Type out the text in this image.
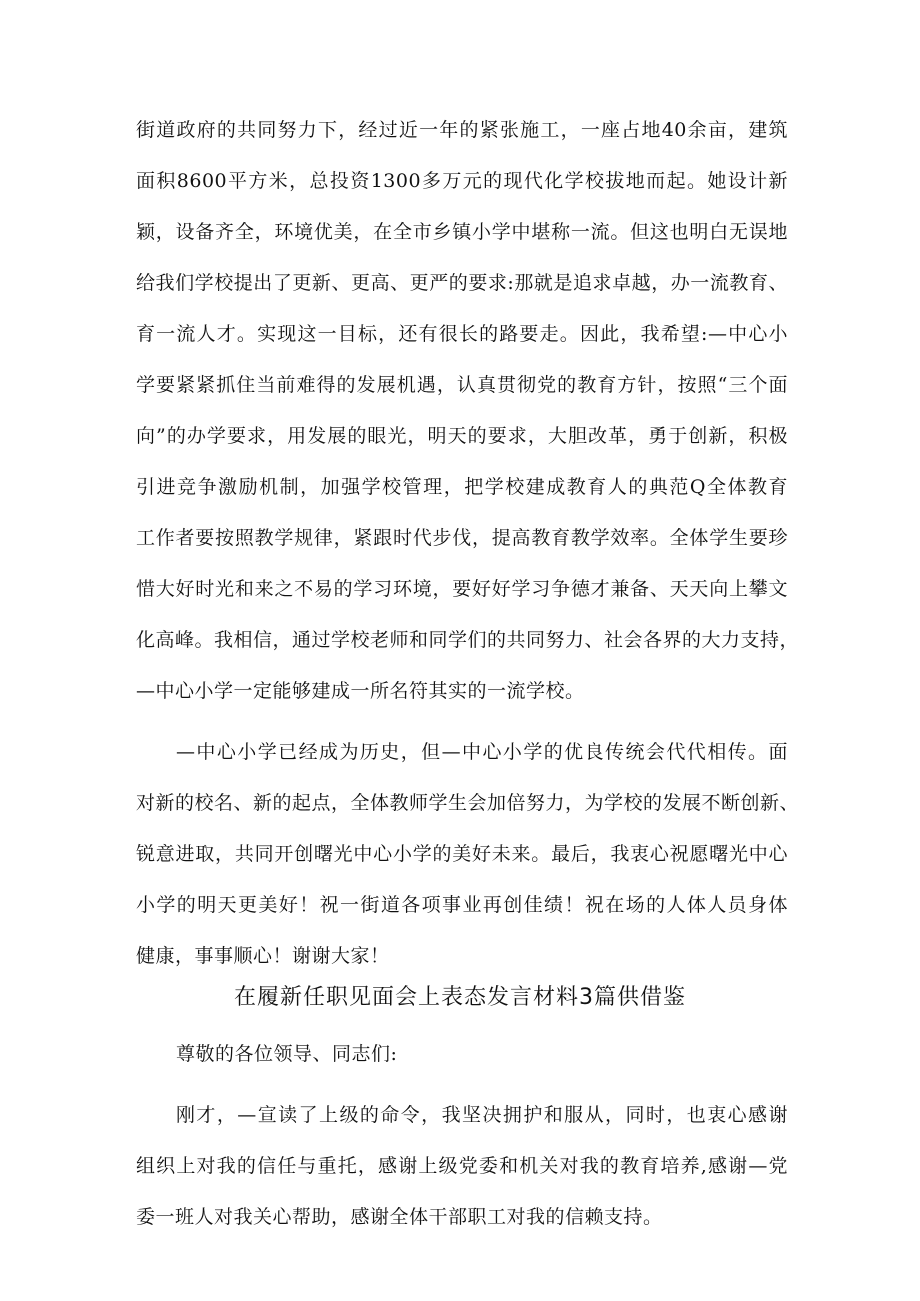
街道政府的共同努力下，经过近一年的紧张施工，一座占地40余亩，建筑

面积8600平方米，总投资1300多万元的现代化学校拔地而起。她设计新

颖，设备齐全，环境优美，在全市乡镇小学中堪称一流。但这也明白无误地

给我们学校提出了更新、更高、更严的要求:那就是追求卓越，办一流教育、

育一流人才。实现这一目标，还有很长的路要走。因此，我希望:—中心小

学要紧紧抓住当前难得的发展机遇，认真贯彻党的教育方针，按照“三个面

向”的办学要求，用发展的眼光，明天的要求，大胆改革，勇于创新，积极

引进竞争激励机制，加强学校管理，把学校建成教育人的典范Q全体教育

工作者要按照教学规律，紧跟时代步伐，提高教育教学效率。全体学生要珍

惜大好时光和来之不易的学习环境，要好好学习争德才兼备、天天向上攀文

化高峰。我相信，通过学校老师和同学们的共同努力、社会各界的大力支持，

—中心小学一定能够建成一所名符其实的一流学校。

—中心小学已经成为历史，但—中心小学的优良传统会代代相传。面

对新的校名、新的起点，全体教师学生会加倍努力，为学校的发展不断创新、

锐意进取，共同开创曙光中心小学的美好未来。最后，我衷心祝愿曙光中心

小学的明天更美好！祝一街道各项事业再创佳绩！祝在场的人体人员身体

健康，事事顺心！谢谢大家！

在履新任职见面会上表态发言材料3篇供借鉴

尊敬的各位领导、同志们:

刚才，—宣读了上级的命令，我坚决拥护和服从，同时，也衷心感谢

组织上对我的信任与重托，感谢上级党委和机关对我的教育培养,感谢—党

委一班人对我关心帮助，感谢全体干部职工对我的信赖支持。
